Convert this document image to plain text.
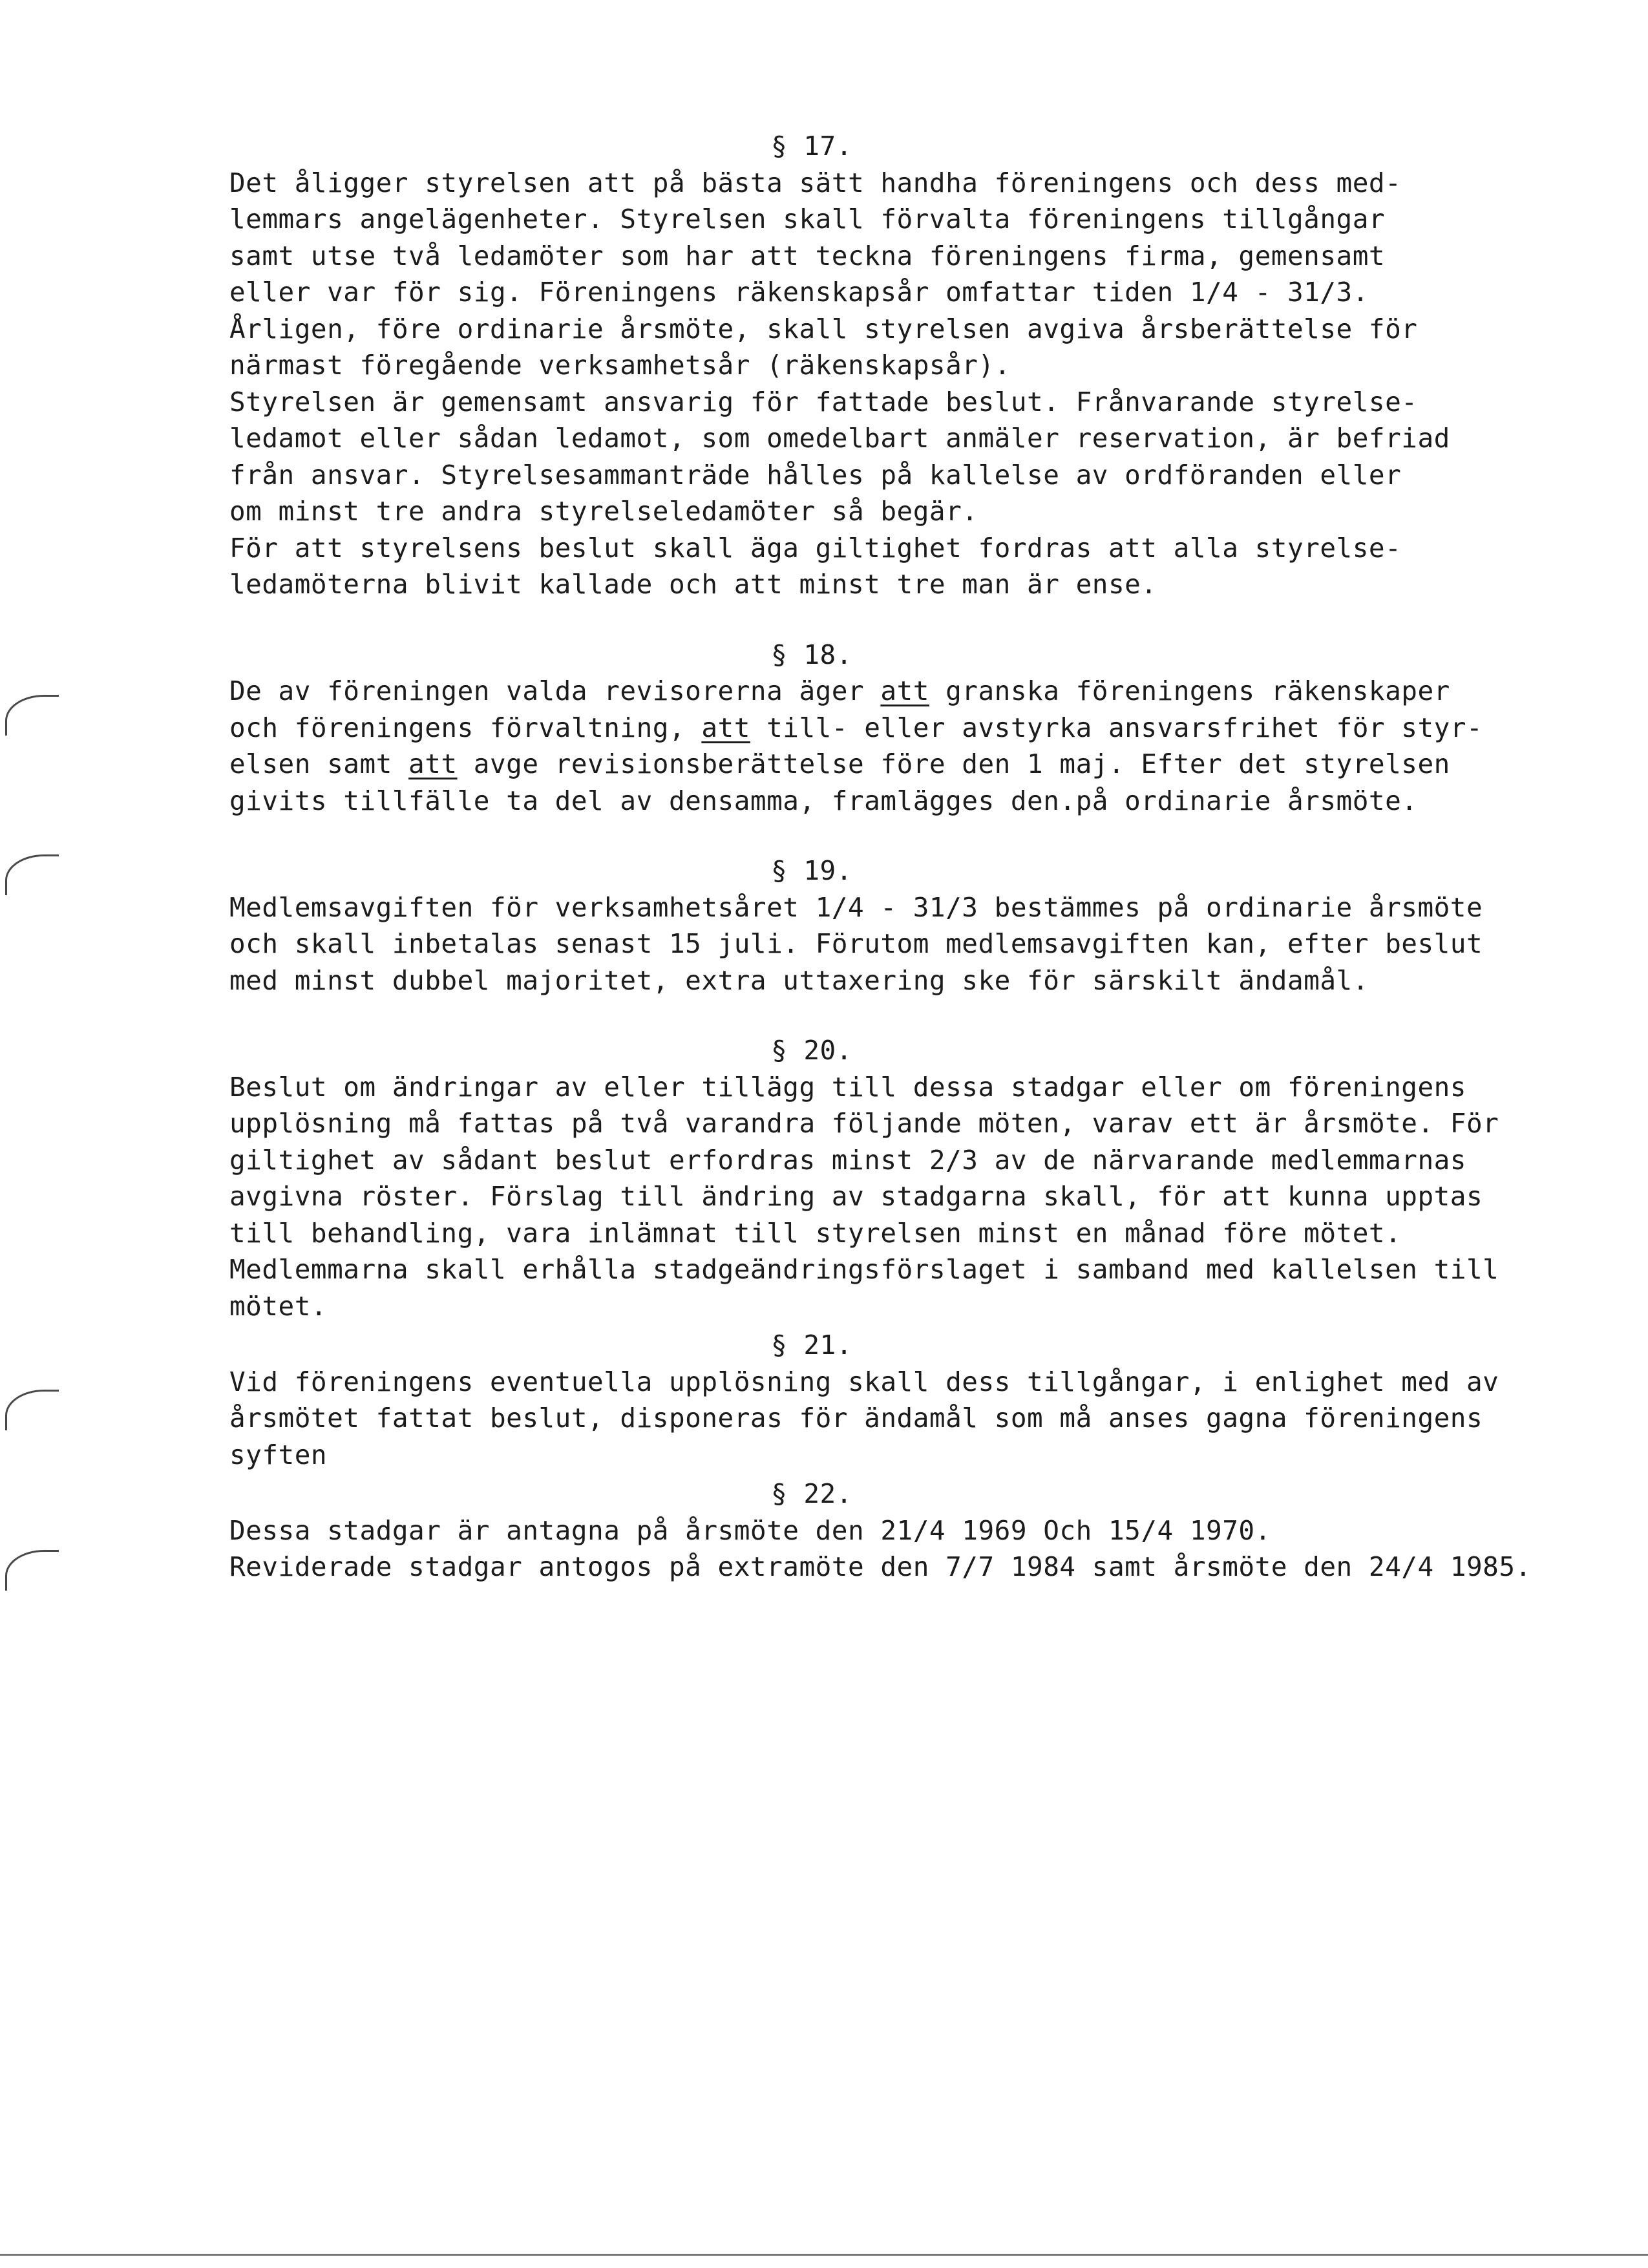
§ 17.
Det åligger styrelsen att på bästa sätt handha föreningens och dess med-
lemmars angelägenheter. Styrelsen skall förvalta föreningens tillgångar
samt utse två ledamöter som har att teckna föreningens firma, gemensamt
eller var för sig. Föreningens räkenskapsår omfattar tiden 1/4 - 31/3.
Årligen, före ordinarie årsmöte, skall styrelsen avgiva årsberättelse för
närmast föregående verksamhetsår (räkenskapsår).
Styrelsen är gemensamt ansvarig för fattade beslut. Frånvarande styrelse-
ledamot eller sådan ledamot, som omedelbart anmäler reservation, är befriad
från ansvar. Styrelsesammanträde hålles på kallelse av ordföranden eller
om minst tre andra styrelseledamöter så begär.
För att styrelsens beslut skall äga giltighet fordras att alla styrelse-
ledamöterna blivit kallade och att minst tre man är ense.
§ 18.
De av föreningen valda revisorerna äger att granska föreningens räkenskaper
och föreningens förvaltning, att till- eller avstyrka ansvarsfrihet för styr-
elsen samt att avge revisionsberättelse före den 1 maj. Efter det styrelsen
givits tillfälle ta del av densamma, framlägges den.på ordinarie årsmöte.
§ 19.
Medlemsavgiften för verksamhetsåret 1/4 - 31/3 bestämmes på ordinarie årsmöte
och skall inbetalas senast 15 juli. Förutom medlemsavgiften kan, efter beslut
med minst dubbel majoritet, extra uttaxering ske för särskilt ändamål.
§ 20.
Beslut om ändringar av eller tillägg till dessa stadgar eller om föreningens
upplösning må fattas på två varandra följande möten, varav ett är årsmöte. För
giltighet av sådant beslut erfordras minst 2/3 av de närvarande medlemmarnas
avgivna röster. Förslag till ändring av stadgarna skall, för att kunna upptas
till behandling, vara inlämnat till styrelsen minst en månad före mötet.
Medlemmarna skall erhålla stadgeändringsförslaget i samband med kallelsen till
mötet.
§ 21.
Vid föreningens eventuella upplösning skall dess tillgångar, i enlighet med av
årsmötet fattat beslut, disponeras för ändamål som må anses gagna föreningens
syften
§ 22.
Dessa stadgar är antagna på årsmöte den 21/4 1969 Och 15/4 1970.
Reviderade stadgar antogos på extramöte den 7/7 1984 samt årsmöte den 24/4 1985.
